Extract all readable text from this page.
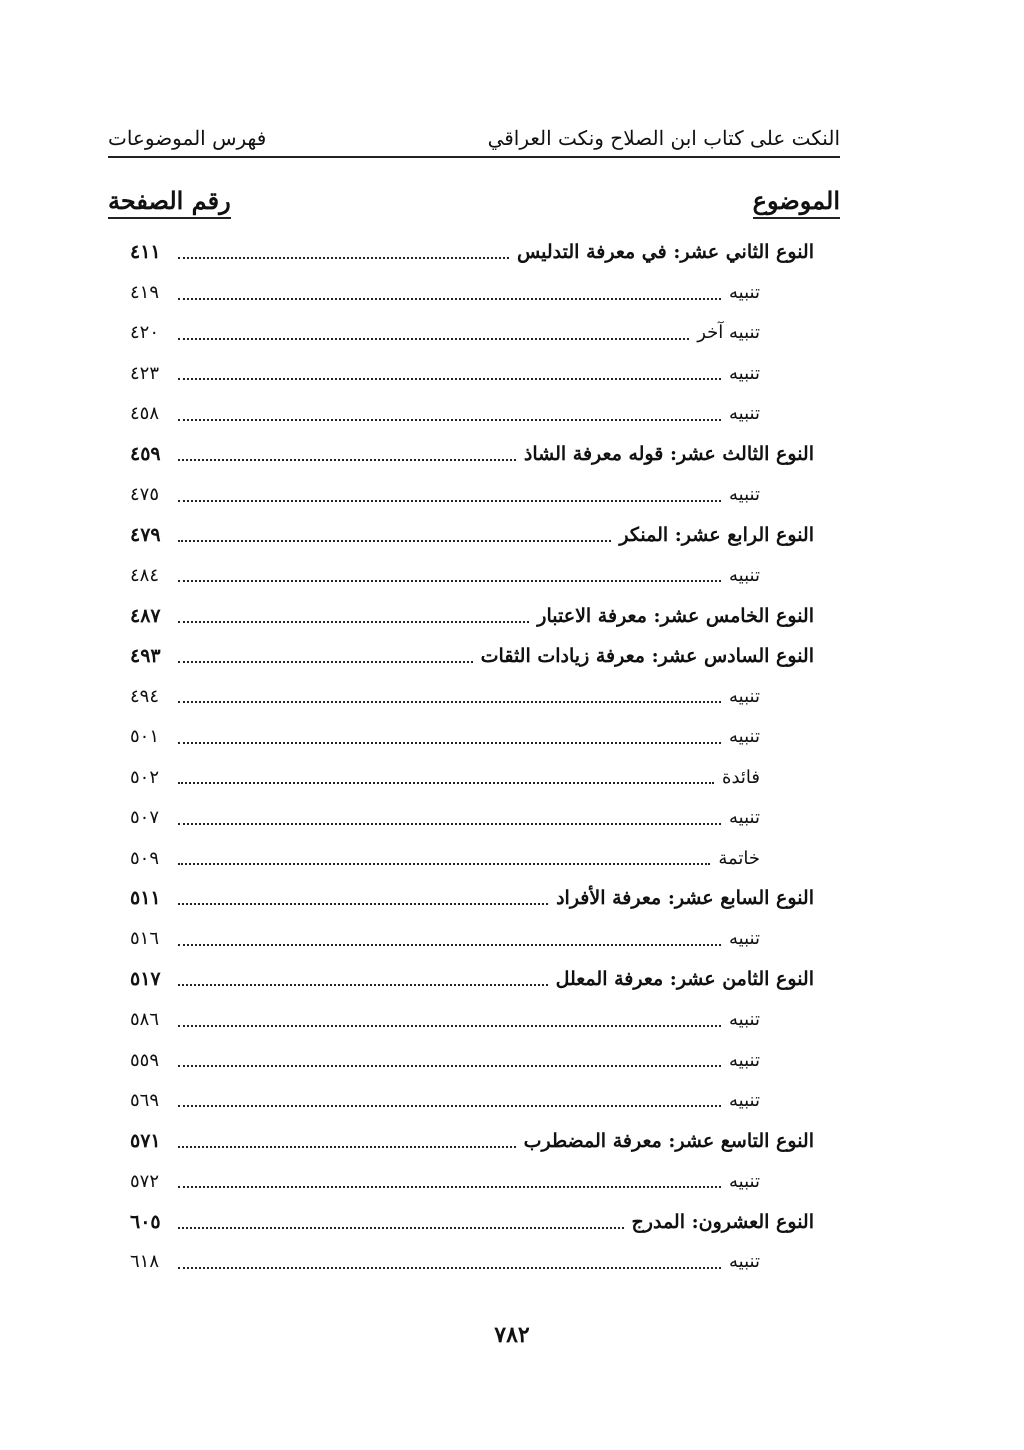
النكت على كتاب ابن الصلاح ونكت العراقي
فهرس الموضوعات
الموضوع
رقم الصفحة
النوع الثاني عشر: في معرفة التدليس
٤١١
تنبيه
٤١٩
تنبيه آخر
٤٢٠
تنبيه
٤٢٣
تنبيه
٤٥٨
النوع الثالث عشر: قوله معرفة الشاذ
٤٥٩
تنبيه
٤٧٥
النوع الرابع عشر: المنكر
٤٧٩
تنبيه
٤٨٤
النوع الخامس عشر: معرفة الاعتبار
٤٨٧
النوع السادس عشر: معرفة زيادات الثقات
٤٩٣
تنبيه
٤٩٤
تنبيه
٥٠١
فائدة
٥٠٢
تنبيه
٥٠٧
خاتمة
٥٠٩
النوع السابع عشر: معرفة الأفراد
٥١١
تنبيه
٥١٦
النوع الثامن عشر: معرفة المعلل
٥١٧
تنبيه
٥٨٦
تنبيه
٥٥٩
تنبيه
٥٦٩
النوع التاسع عشر: معرفة المضطرب
٥٧١
تنبيه
٥٧٢
النوع العشرون: المدرج
٦٠٥
تنبيه
٦١٨
٧٨٢
